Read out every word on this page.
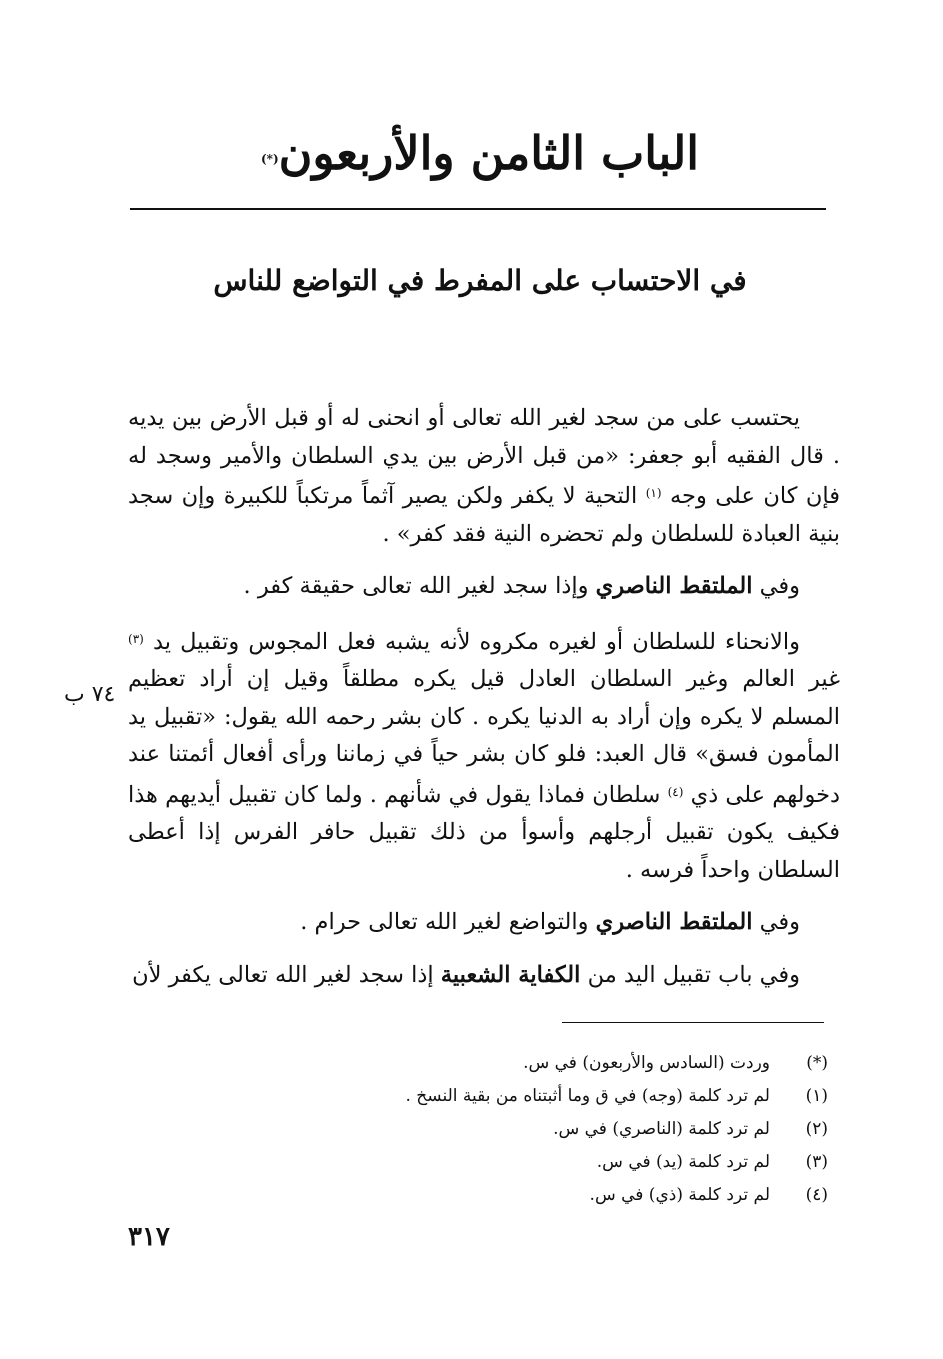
الباب الثامن والأربعون(*)
في الاحتساب على المفرط في التواضع للناس

يحتسب على من سجد لغير الله تعالى أو انحنى له أو قبل الأرض بين يديه . قال الفقيه أبو جعفر: «من قبل الأرض بين يدي السلطان والأمير وسجد له فإن كان على وجه $^{(١)}$ التحية لا يكفر ولكن يصير آثماً مرتكباً للكبيرة وإن سجد بنية العبادة للسلطان ولم تحضره النية فقد كفر» .

وفي الملتقط الناصري وإذا سجد لغير الله تعالى حقيقة كفر .

والانحناء للسلطان أو لغيره مكروه لأنه يشبه فعل المجوس وتقبيل يد $^{(٣)}$ غير العالم وغير السلطان العادل قيل يكره مطلقاً وقيل إن أراد تعظيم المسلم لا يكره وإن أراد به الدنيا يكره . كان بشر رحمه الله يقول: «تقبيل يد المأمون فسق» قال العبد: فلو كان بشر حياً في زماننا ورأى أفعال أئمتنا عند دخولهم على ذي $^{(٤)}$ سلطان فماذا يقول في شأنهم . ولما كان تقبيل أيديهم هذا فكيف يكون تقبيل أرجلهم وأسوأ من ذلك تقبيل حافر الفرس إذا أعطى السلطان واحداً فرسه .

وفي الملتقط الناصري والتواضع لغير الله تعالى حرام .

وفي باب تقبيل اليد من الكفاية الشعبية إذا سجد لغير الله تعالى يكفر لأن

٧٤ ب
(*)
وردت (السادس والأربعون) في س.
(١)
لم ترد كلمة (وجه) في ق وما أثبتناه من بقية النسخ .
(٢)
لم ترد كلمة (الناصري) في س.
(٣)
لم ترد كلمة (يد) في س.
(٤)
لم ترد كلمة (ذي) في س.
٣١٧
